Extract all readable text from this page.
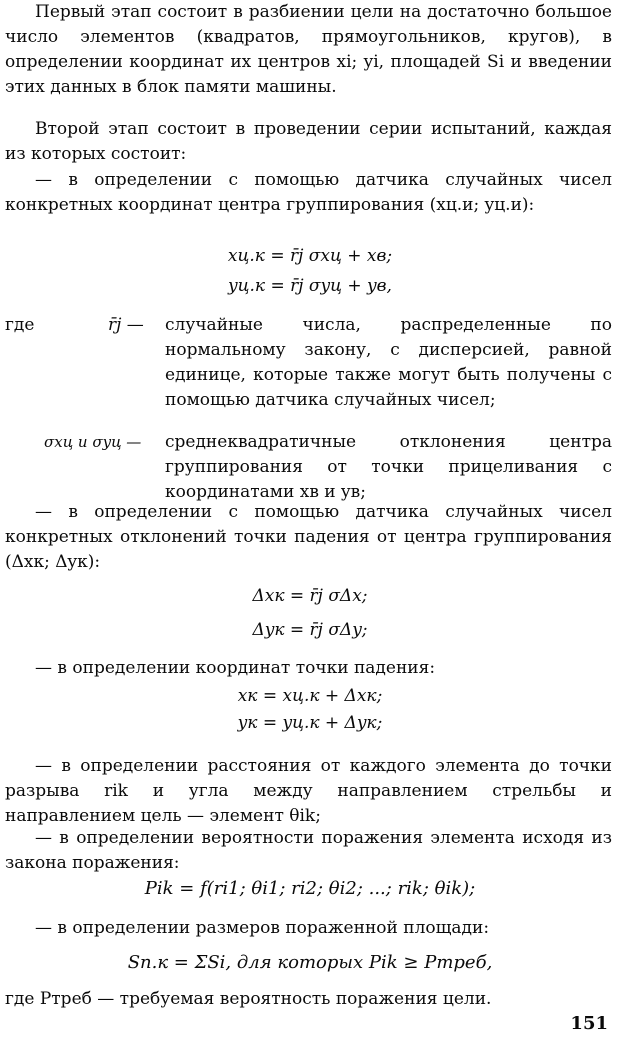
Первый этап состоит в разбиении цели на достаточно большое число элементов (квадратов, прямоугольников, кругов), в определении координат их центров xi; yi, площадей Si и введении этих данных в блок памяти машины.

Второй этап состоит в проведении серии испытаний, каждая из которых состоит:

— в определении с помощью датчика случайных чисел конкретных координат центра группирования (xц.и; yц.и):

xц.к = r̄j σxц + xв;
yц.к = r̄j σyц + yв,
где	r̄j — случайные числа, распределенные по нормальному закону, с дисперсией, равной единице, которые также могут быть получены с помощью датчика случайных чисел;

σxц и σyц — среднеквадратичные отклонения центра группирования от точки прицеливания с координатами xв и yв;

— в определении с помощью датчика случайных чисел конкретных отклонений точки падения от центра группирования (Δxк; Δyк):

Δxк = r̄j σΔx;
Δyк = r̄j σΔy;

— в определении координат точки падения:

xк = xц.к + Δxк;
yк = yц.к + Δyк;

— в определении расстояния от каждого элемента до точки разрыва rik и угла между направлением стрельбы и направлением цель — элемент θik;

— в определении вероятности поражения элемента исходя из закона поражения:

Pik = f(ri1; θi1; ri2; θi2; ...; rik; θik);

— в определении размеров пораженной площади:

Sп.к = ΣSi, для которых Pik ≥ Pтреб,

где Pтреб — требуемая вероятность поражения цели.

151
